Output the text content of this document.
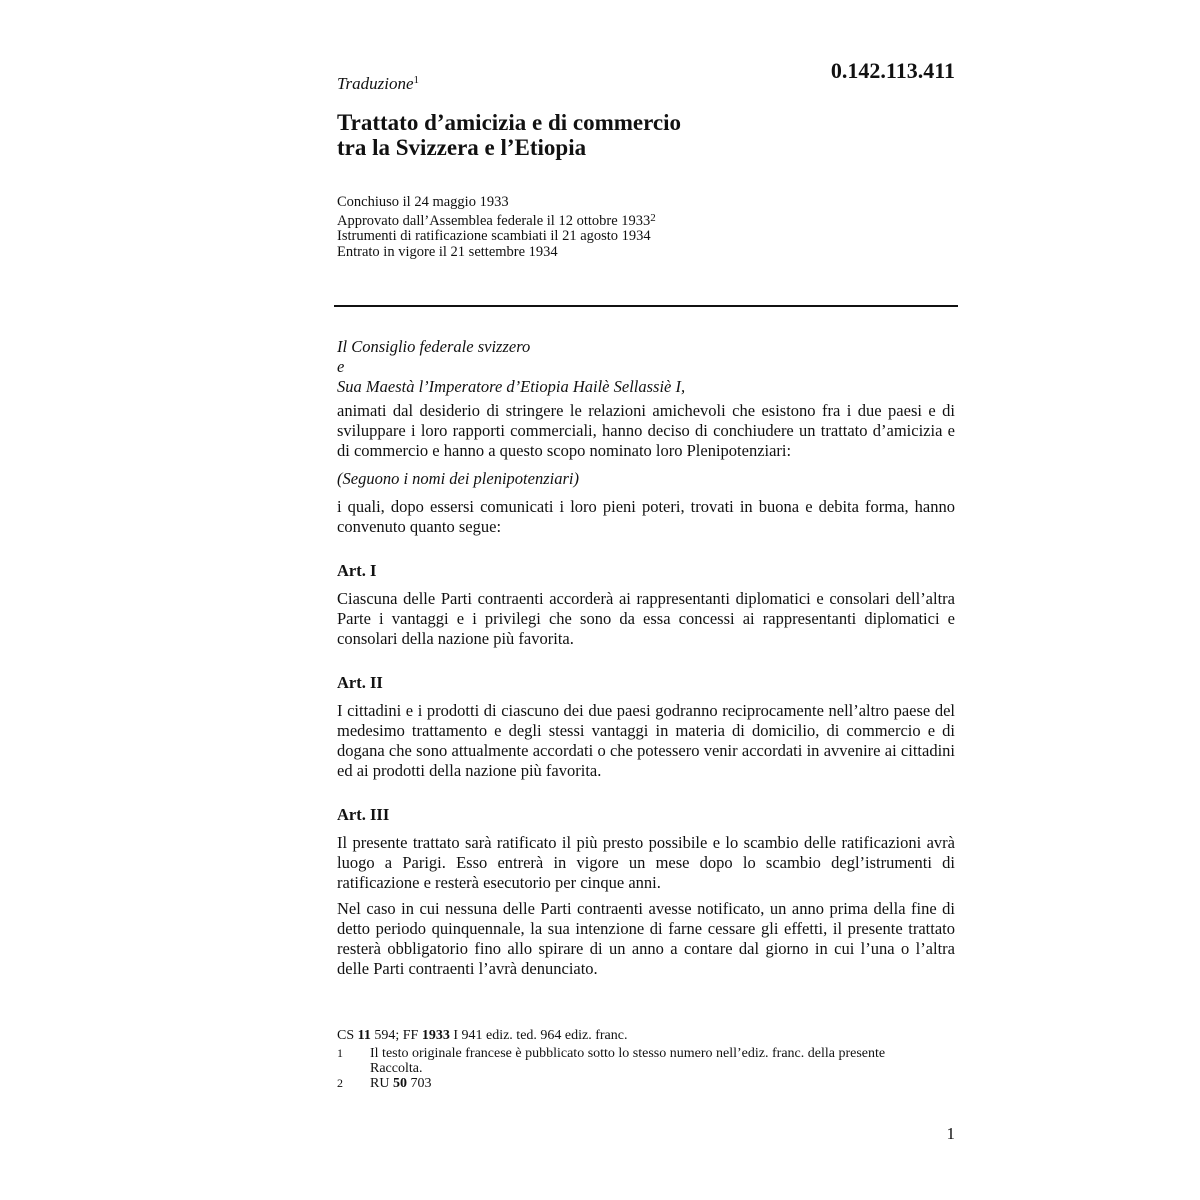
0.142.113.411
Traduzione$^1$
Trattato d’amicizia e di commercio
tra la Svizzera e l’Etiopia
Conchiuso il 24 maggio 1933
Approvato dall’Assemblea federale il 12 ottobre 1933$^2$
Istrumenti di ratificazione scambiati il 21 agosto 1934
Entrato in vigore il 21 settembre 1934

Il Consiglio federale svizzero

e

Sua Maestà l’Imperatore d’Etiopia Hailè Sellassiè I,

animati dal desiderio di stringere le relazioni amichevoli che esistono fra i due paesi e di sviluppare i loro rapporti commerciali, hanno deciso di conchiudere un trattato d’amicizia e di commercio e hanno a questo scopo nominato loro Plenipotenziari:

(Seguono i nomi dei plenipotenziari)

i quali, dopo essersi comunicati i loro pieni poteri, trovati in buona e debita forma, hanno convenuto quanto segue:

Art. I

Ciascuna delle Parti contraenti accorderà ai rappresentanti diplomatici e consolari dell’altra Parte i vantaggi e i privilegi che sono da essa concessi ai rappresentanti diplomatici e consolari della nazione più favorita.

Art. II

I cittadini e i prodotti di ciascuno dei due paesi godranno reciprocamente nell’altro paese del medesimo trattamento e degli stessi vantaggi in materia di domicilio, di commercio e di dogana che sono attualmente accordati o che potessero venir accordati in avvenire ai cittadini ed ai prodotti della nazione più favorita.

Art. III

Il presente trattato sarà ratificato il più presto possibile e lo scambio delle ratificazioni avrà luogo a Parigi. Esso entrerà in vigore un mese dopo lo scambio degl’istrumenti di ratificazione e resterà esecutorio per cinque anni.

Nel caso in cui nessuna delle Parti contraenti avesse notificato, un anno prima della fine di detto periodo quinquennale, la sua intenzione di farne cessare gli effetti, il presente trattato resterà obbligatorio fino allo spirare di un anno a contare dal giorno in cui l’una o l’altra delle Parti contraenti l’avrà denunciato.

CS 11 594; FF 1933 I 941 ediz. ted. 964 ediz. franc.
1	Il testo originale francese è pubblicato sotto lo stesso numero nell’ediz. franc. della presente Raccolta.
2	RU 50 703
1
